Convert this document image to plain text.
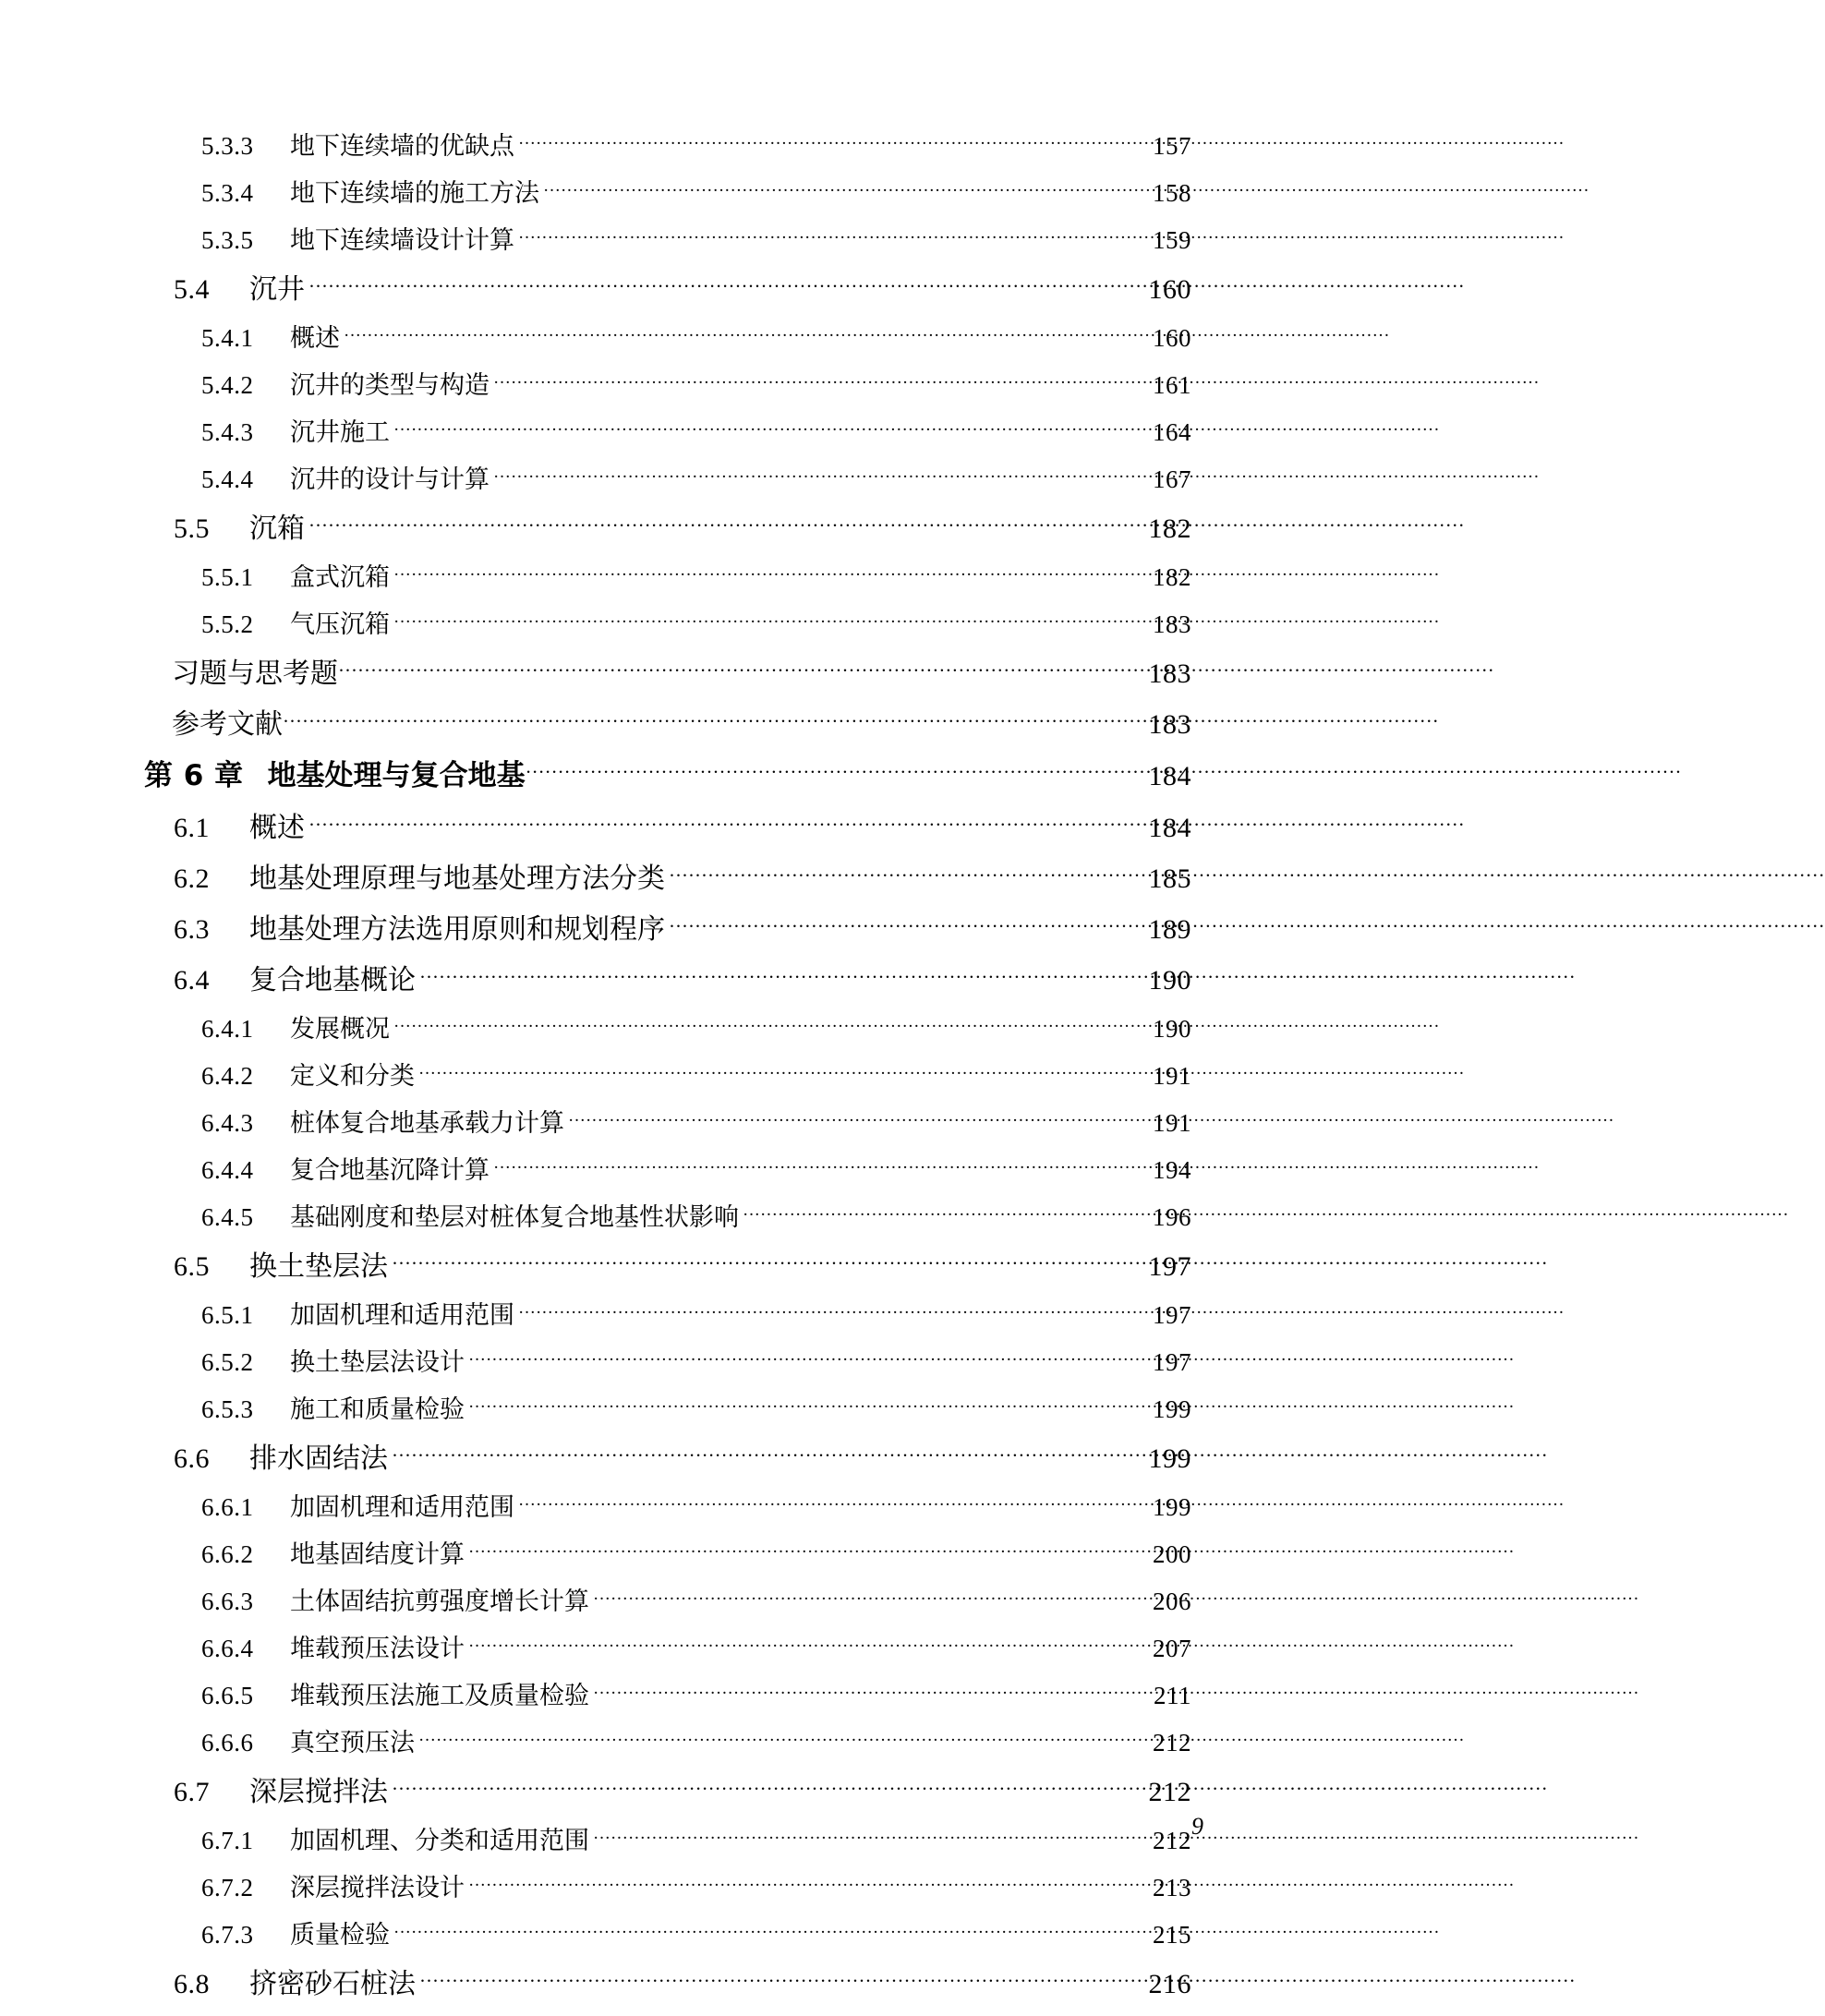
5.3.3	地下连续墙的优缺点 ·····	157
5.3.4	地下连续墙的施工方法 ·····	158
5.3.5	地下连续墙设计计算 ·····	159
5.4	沉井 ·····	160
5.4.1	概述 ·····	160
5.4.2	沉井的类型与构造 ·····	161
5.4.3	沉井施工 ·····	164
5.4.4	沉井的设计与计算 ·····	167
5.5	沉箱 ·····	182
5.5.1	盒式沉箱 ·····	182
5.5.2	气压沉箱 ·····	183
习题与思考题 ·····	183
参考文献 ·····	183
第 6 章 地基处理与复合地基 ·····	184
6.1	概述 ·····	184
6.2	地基处理原理与地基处理方法分类 ·····	185
6.3	地基处理方法选用原则和规划程序 ·····	189
6.4	复合地基概论 ·····	190
6.4.1	发展概况 ·····	190
6.4.2	定义和分类 ·····	191
6.4.3	桩体复合地基承载力计算 ·····	191
6.4.4	复合地基沉降计算 ·····	194
6.4.5	基础刚度和垫层对桩体复合地基性状影响 ·····	196
6.5	换土垫层法 ·····	197
6.5.1	加固机理和适用范围 ·····	197
6.5.2	换土垫层法设计 ·····	197
6.5.3	施工和质量检验 ·····	199
6.6	排水固结法 ·····	199
6.6.1	加固机理和适用范围 ·····	199
6.6.2	地基固结度计算 ·····	200
6.6.3	土体固结抗剪强度增长计算 ·····	206
6.6.4	堆载预压法设计 ·····	207
6.6.5	堆载预压法施工及质量检验 ·····	211
6.6.6	真空预压法 ·····	212
6.7	深层搅拌法 ·····	212
6.7.1	加固机理、分类和适用范围 ·····	212
6.7.2	深层搅拌法设计 ·····	213
6.7.3	质量检验 ·····	215
6.8	挤密砂石桩法 ·····	216
9
